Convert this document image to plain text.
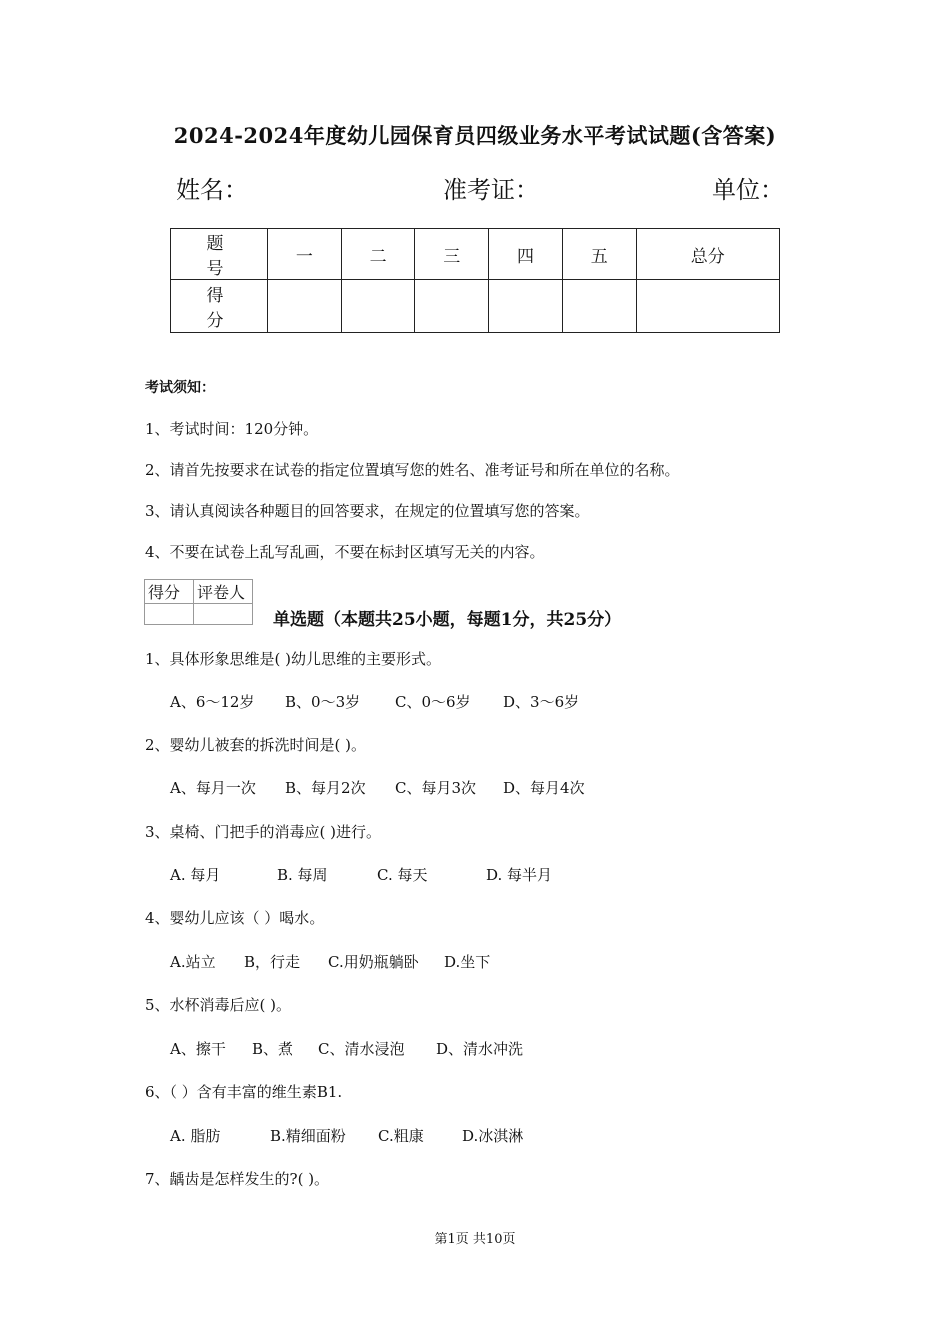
2024-2024年度幼儿园保育员四级业务水平考试试题(含答案)
姓名：	准考证：	单位：
题　号	一	二	三	四	五	总分
得　分						
考试须知：
1、考试时间：120分钟。
2、请首先按要求在试卷的指定位置填写您的姓名、准考证号和所在单位的名称。
3、请认真阅读各种题目的回答要求，在规定的位置填写您的答案。
4、不要在试卷上乱写乱画，不要在标封区填写无关的内容。
得分	评卷人

单选题（本题共25小题，每题1分，共25分）
1、具体形象思维是( )幼儿思维的主要形式。
A、6～12岁 B、0～3岁 C、0～6岁 D、3～6岁
2、婴幼儿被套的拆洗时间是( )。
A、每月一次 B、每月2次 C、每月3次 D、每月4次
3、桌椅、门把手的消毒应( )进行。
A. 每月	B. 每周	C. 每天	D. 每半月
4、婴幼儿应该（ ）喝水。
A.站立 B，行走 C.用奶瓶躺卧 D.坐下
5、水杯消毒后应( )。
A、擦干 B、煮 C、清水浸泡 D、清水冲洗
6、（ ）含有丰富的维生素B1.
A. 脂肪	B.精细面粉 C.粗康	D.冰淇淋
7、龋齿是怎样发生的?( )。
第1页 共10页
